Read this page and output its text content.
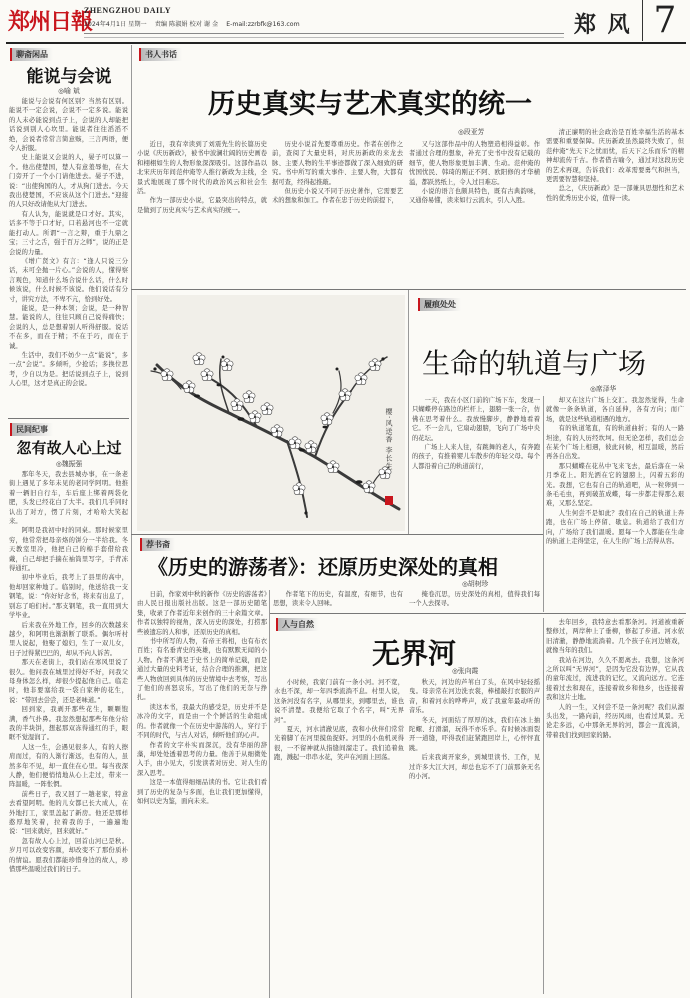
郑州日報
ZHENGZHOU DAILY
2024年4月1日 星期一 责编 陈淑娟 校对 谢 金 E-mail:zzrbfk@163.com	郑 风 7
聊斋闲品
能说与会说
◎喻 斌

能说与会说有何区别？当然有区别。能说不一定会说，会说不一定多说。能说的人未必能说到点子上，会说的人却能把话说到别人心坎里。能说者往往滔滔不绝，会说者常常言简意赅，三言两语，便令人折服。

史上能说又会说的人，晏子可以算一个。他出使楚国，楚人有意羞辱他，在大门旁开了一个小门请他进去。晏子不进，说：“出使狗国的人，才从狗门进去。今天我出使楚国，不应该从这个门进去。”迎接的人只好改请他从大门进去。

有人认为，能说就是口才好。其实，话多不等于口才好，口若悬河也不一定就能打动人。所谓“一言之辩，重于九鼎之宝；三寸之舌，强于百万之师”，说的正是会说的力量。

《增广贤文》有言：“逢人只说三分话，未可全抛一片心。”会说的人，懂得察言观色，知道什么场合说什么话，什么时候该说，什么时候不该说。他们说话有分寸，讲究方法，不卑不亢，恰到好处。

能说，是一种本领；会说，是一种智慧。能说的人，往往只顾自己说得痛快；会说的人，总是想着别人听得舒服。说话不在多，而在于精；不在于巧，而在于诚。

生活中，我们不妨少一点“能说”，多一点“会说”。多倾听，少抢话；多换位思考，少自以为是。把话说到点子上，说到人心里，这才是真正的会说。

民间纪事
忽有故人心上过
◎魏振强

那年冬天，我去县城办事，在一条老街上遇见了多年未见的老同学阿明。他推着一辆旧自行车，车后座上绑着两袋化肥，头发已经花白了大半。我们几乎同时认出了对方，愣了片刻，才哈哈大笑起来。

阿明是我初中时的同桌。那时候家里穷，他常常把母亲烙的饼分一半给我。冬天教室里冷，他把自己的棉手套借给我戴，自己却把手揣在袖筒里写字，手背冻得通红。

初中毕业后，我考上了县里的高中，他却回家种地了。临别时，他送给我一支钢笔，说：“你好好念书，将来有出息了，别忘了咱们村。”那支钢笔，我一直用到大学毕业。

后来我在外地工作，回乡的次数越来越少，和阿明也渐渐断了联系。偶尔听村里人说起，他娶了媳妇，生了一双儿女，日子过得紧巴巴的，却从不向人诉苦。

那天在老街上，我们站在寒风里说了很久。他问我在城里过得好不好，问我父母身体怎么样，却很少提起他自己。临走时，他非要塞给我一袋自家种的花生，说：“带回去尝尝，还是老味道。”

回到家，我剥开那些花生，颗颗饱满，香气扑鼻。我忽然想起那些年他分给我的半块饼，想起那双冻得通红的手，眼眶不觉湿润了。

人这一生，会遇见很多人，有的人擦肩而过，有的人渐行渐远，也有的人，虽然多年不见，却一直住在心里。每当夜深人静，他们便悄悄地从心上走过，带来一阵温暖，一阵怅惘。

前些日子，我又回了一趟老家，特意去看望阿明。他的儿女都已长大成人，在外地打工，家里盖起了新房。他还是那样憨厚地笑着，拉着我的手，一遍遍地说：“回来就好，回来就好。”

忽有故人心上过，回首山河已是秋。岁月可以改变容颜，却改变不了那份质朴的情谊。愿我们都能珍惜身边的故人，珍惜那些温暖过我们的日子。

书人书话
历史真实与艺术真实的统一
◎段亚芳

近日，我有幸读到了刘震先生的长篇历史小说《庆历新政》，被书中波澜壮阔的历史画卷和栩栩如生的人物形象深深吸引。这部作品以北宋庆历年间范仲淹等人推行新政为主线，全景式地展现了那个时代的政治风云和社会生活。

作为一部历史小说，它最突出的特点，就是做到了历史真实与艺术真实的统一。

历史小说首先要尊重历史。作者在创作之前，查阅了大量史料，对庆历新政的来龙去脉、主要人物的生平事迹都做了深入细致的研究。书中所写的重大事件、主要人物，大都有据可查，经得起推敲。

但历史小说又不同于历史著作，它需要艺术的想象和加工。作者在忠于历史的前提下，

又与这部作品中的人物塑造相得益彰。作者通过合理的想象，补充了史书中没有记载的细节，使人物形象更加丰满、生动。范仲淹的忧国忧民、韩琦的刚正不阿、欧阳修的才华横溢，都跃然纸上，令人过目难忘。

小说的语言也颇具特色，既有古典韵味，又通俗易懂，读来如行云流水，引人入胜。

清正廉明的社会政治是百姓幸福生活的基本需要和重要保障。庆历新政虽然最终失败了，但范仲淹“先天下之忧而忧，后天下之乐而乐”的精神却流传千古。作者借古喻今，通过对这段历史的艺术再现，告诉我们：改革需要勇气和担当，更需要智慧和坚持。

总之，《庆历新政》是一部兼具思想性和艺术性的优秀历史小说，值得一读。

樱·风送香 李长生
履痕处处
生命的轨道与广场
◎席泽华

一天，我在小区门前的广场下车，发现一只蝴蝶停在路边的栏杆上，翅膀一张一合，仿佛在思考着什么。我放慢脚步，静静地看着它。不一会儿，它扇动翅膀，飞向了广场中央的花坛。

广场上人来人往，有跳舞的老人，有奔跑的孩子，有推着婴儿车散步的年轻父母。每个人都沿着自己的轨道前行，

却又在这片广场上交汇。我忽然觉得，生命就像一条条轨道，各自延伸，各有方向；而广场，就是这些轨道相遇的地方。

有的轨道笔直，有的轨道曲折；有的人一路坦途，有的人历经坎坷。但无论怎样，我们总会在某个广场上相遇，彼此问候，相互温暖，然后再各自出发。

那只蝴蝶在花丛中飞来飞去，最后落在一朵月季花上。阳光洒在它的翅膀上，闪着五彩的光。我想，它也有自己的轨道吧，从一粒卵到一条毛毛虫，再到破茧成蝶，每一步都走得那么艰难，又那么坚定。

人生何尝不是如此？我们在自己的轨道上奔跑，也在广场上停留、歇息。轨道给了我们方向，广场给了我们温暖。愿每一个人都能在生命的轨道上走得坚定，在人生的广场上活得从容。

荐书斋
《历史的游荡者》：还原历史深处的真相
◎胡树珍

日前，作家刘中秋的新作《历史的游荡者》由人民日报出版社出版。这是一部历史随笔集，收录了作者近年来创作的三十余篇文章。作者以独特的视角，深入历史的深处，打捞那些被遗忘的人和事，还原历史的真相。

书中所写的人物，有帝王将相，也有布衣百姓；有名垂青史的英雄，也有默默无闻的小人物。作者不满足于史书上的简单记载，而是通过大量的史料考证，结合合理的推测，把这些人物放回到具体的历史情境中去考察，写出了他们的喜怒哀乐，写出了他们的无奈与挣扎。

读这本书，我最大的感受是，历史并不是冰冷的文字，而是由一个个鲜活的生命组成的。作者就像一个在历史中游荡的人，穿行于不同的时代，与古人对话，倾听他们的心声。

作者的文字朴实而深沉，没有华丽的辞藻，却处处透着思考的力量。他善于从细微处入手，由小见大，引发读者对历史、对人生的深入思考。

这是一本值得细细品读的书。它让我们看到了历史的复杂与多面，也让我们更加懂得，如何以史为鉴，面向未来。

作者笔下的历史，有温度，有细节，也有思想，读来令人回味。

掩卷沉思，历史深处的真相，值得我们每一个人去探寻。

人与自然
无界河
◎张向霞

小时候，我家门前有一条小河。河不宽，水也不深，却一年四季流淌不息。村里人说，这条河没有名字，从哪里来，到哪里去，谁也说不清楚。我便给它取了个名字，叫“无界河”。

夏天，河水清澈见底，我和小伙伴们常常光着脚丫在河里摸鱼捉虾。河里的小鱼机灵得很，一不留神就从指缝间溜走了。我们追着鱼跑，溅起一串串水花，笑声在河面上回荡。

秋天，河边的芦苇白了头，在风中轻轻摇曳。母亲常在河边洗衣裳，棒槌敲打衣服的声音，和着河水的哗哗声，成了我童年最动听的音乐。

冬天，河面结了厚厚的冰，我们在冰上抽陀螺、打滑溜，玩得不亦乐乎。有时候冰面裂开一道缝，吓得我们赶紧跑回岸上，心怦怦直跳。

后来我离开家乡，到城里读书、工作，见过许多大江大河，却总也忘不了门前那条无名的小河。

去年回乡，我特意去看那条河。河道被重新整修过，两岸种上了垂柳，修起了步道。河水依旧清澈，静静地流淌着。几个孩子在河边嬉戏，就像当年的我们。

我站在河边，久久不愿离去。我想，这条河之所以叫“无界河”，是因为它没有边界，它从我的童年流过，流进我的记忆，又流向远方。它连接着过去和现在，连接着故乡和他乡，也连接着我和这片土地。

人的一生，又何尝不是一条河呢？我们从源头出发，一路向前，经历风雨，也看过风景。无论走多远，心中那条无界的河，都会一直流淌，带着我们找到回家的路。
